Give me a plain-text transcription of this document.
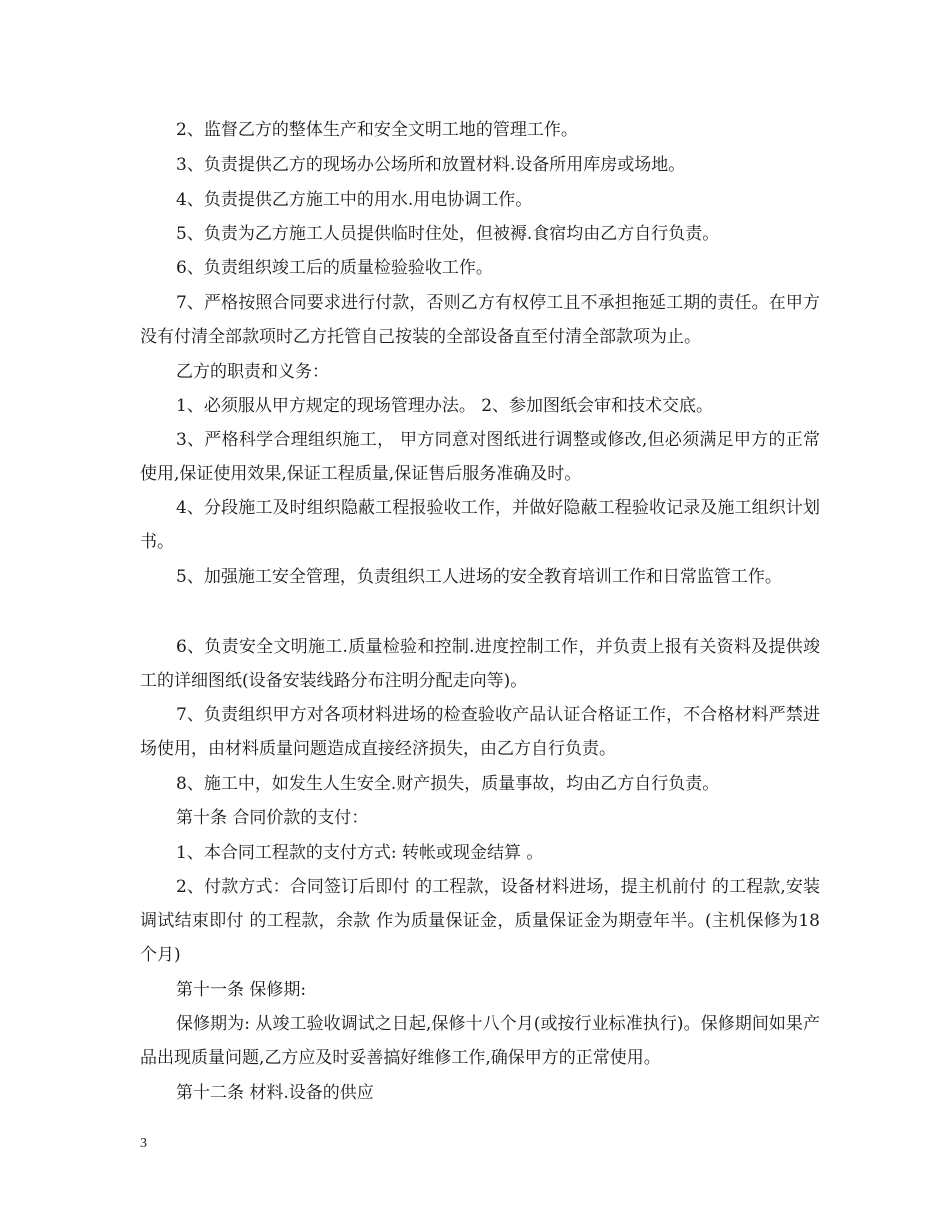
2、监督乙方的整体生产和安全文明工地的管理工作。

3、负责提供乙方的现场办公场所和放置材料.设备所用库房或场地。

4、负责提供乙方施工中的用水.用电协调工作。

5、负责为乙方施工人员提供临时住处，但被褥.食宿均由乙方自行负责。

6、负责组织竣工后的质量检验验收工作。

7、严格按照合同要求进行付款，否则乙方有权停工且不承担拖延工期的责任。在甲方没有付清全部款项时乙方托管自己按装的全部设备直至付清全部款项为止。

乙方的职责和义务：

1、必须服从甲方规定的现场管理办法。 2、参加图纸会审和技术交底。

3、严格科学合理组织施工， 甲方同意对图纸进行调整或修改,但必须满足甲方的正常使用,保证使用效果,保证工程质量,保证售后服务准确及时。

4、分段施工及时组织隐蔽工程报验收工作，并做好隐蔽工程验收记录及施工组织计划书。

5、加强施工安全管理，负责组织工人进场的安全教育培训工作和日常监管工作。

6、负责安全文明施工.质量检验和控制.进度控制工作，并负责上报有关资料及提供竣工的详细图纸(设备安装线路分布注明分配走向等)。

7、负责组织甲方对各项材料进场的检查验收产品认证合格证工作，不合格材料严禁进场使用，由材料质量问题造成直接经济损失，由乙方自行负责。

8、施工中，如发生人生安全.财产损失，质量事故，均由乙方自行负责。

第十条 合同价款的支付：

1、本合同工程款的支付方式: 转帐或现金结算 。

2、付款方式：合同签订后即付 的工程款，设备材料进场，提主机前付 的工程款,安装调试结束即付 的工程款，余款 作为质量保证金，质量保证金为期壹年半。(主机保修为18个月)

第十一条 保修期:

保修期为: 从竣工验收调试之日起,保修十八个月(或按行业标准执行)。保修期间如果产品出现质量问题,乙方应及时妥善搞好维修工作,确保甲方的正常使用。

第十二条 材料.设备的供应

3
